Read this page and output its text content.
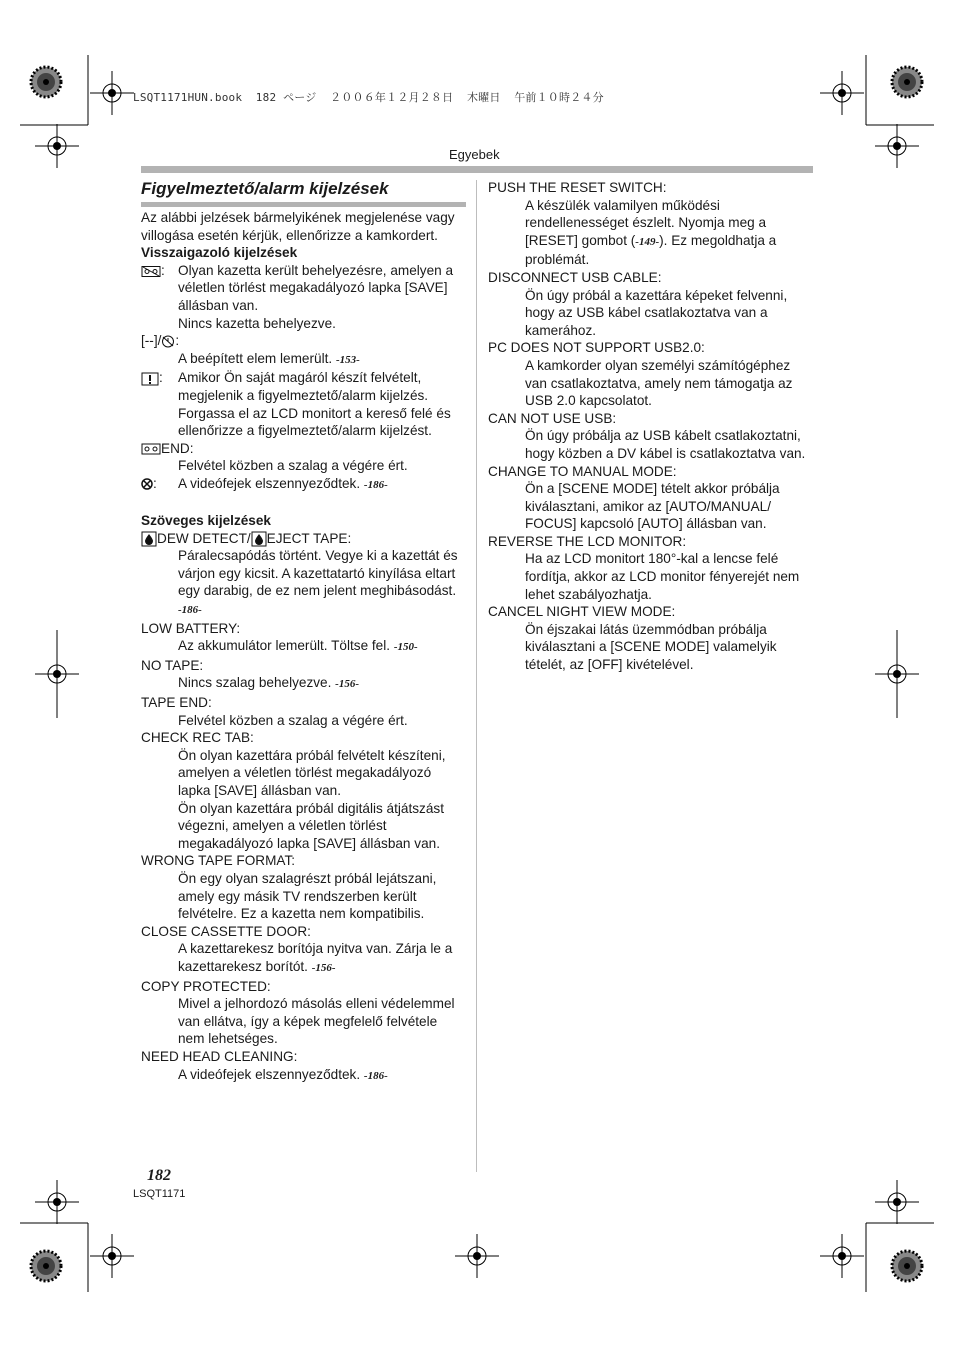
LSQT1171HUN.book  182 ページ  ２００６年１２月２８日  木曜日  午前１０時２４分
Egyebek
Figyelmeztető/alarm kijelzések

Az alábbi jelzések bármelyikének megjelenése vagy villogása esetén kérjük, ellenőrizze a kamkordert.

Visszaigazoló kijelzések

: Olyan kazetta került behelyezésre, amelyen a véletlen törlést megakadályozó lapka [SAVE] állásban van.
Nincs kazetta behelyezve.

[--]/ :

A beépített elem lemerült. -153-

:	Amikor Ön saját magáról készít felvételt, megjelenik a figyelmeztető/alarm kijelzés. Forgassa el az LCD monitort a kereső felé és ellenőrizze a figyelmeztető/alarm kijelzést.

END:

Felvétel közben a szalag a végére ért.

:	A videófejek elszennyeződtek. -186-

Szöveges kijelzések

DEW DETECT/ EJECT TAPE:

Páralecsapódás történt. Vegye ki a kazettát és várjon egy kicsit. A kazettatartó kinyílása eltart egy darabig, de ez nem jelent meghibásodást. -186-

LOW BATTERY:

Az akkumulátor lemerült. Töltse fel. -150-

NO TAPE:

Nincs szalag behelyezve. -156-

TAPE END:

Felvétel közben a szalag a végére ért.

CHECK REC TAB:

Ön olyan kazettára próbál felvételt készíteni, amelyen a véletlen törlést megakadályozó lapka [SAVE] állásban van.

Ön olyan kazettára próbál digitális átjátszást végezni, amelyen a véletlen törlést megakadályozó lapka [SAVE] állásban van.

WRONG TAPE FORMAT:

Ön egy olyan szalagrészt próbál lejátszani, amely egy másik TV rendszerben került felvételre. Ez a kazetta nem kompatibilis.

CLOSE CASSETTE DOOR:

A kazettarekesz borítója nyitva van. Zárja le a kazettarekesz borítót. -156-

COPY PROTECTED:

Mivel a jelhordozó másolás elleni védelemmel van ellátva, így a képek megfelelő felvétele nem lehetséges.

NEED HEAD CLEANING:

A videófejek elszennyeződtek. -186-

PUSH THE RESET SWITCH:

A készülék valamilyen működési rendellenességet észlelt. Nyomja meg a [RESET] gombot (-149-). Ez megoldhatja a problémát.

DISCONNECT USB CABLE:

Ön úgy próbál a kazettára képeket felvenni, hogy az USB kábel csatlakoztatva van a kamerához.

PC DOES NOT SUPPORT USB2.0:

A kamkorder olyan személyi számítógéphez van csatlakoztatva, amely nem támogatja az USB 2.0 kapcsolatot.

CAN NOT USE USB:

Ön úgy próbálja az USB kábelt csatlakoztatni, hogy közben a DV kábel is csatlakoztatva van.

CHANGE TO MANUAL MODE:

Ön a [SCENE MODE] tételt akkor próbálja kiválasztani, amikor az [AUTO/MANUAL/ FOCUS] kapcsoló [AUTO] állásban van.

REVERSE THE LCD MONITOR:

Ha az LCD monitort 180°-kal a lencse felé fordítja, akkor az LCD monitor fényerejét nem lehet szabályozhatja.

CANCEL NIGHT VIEW MODE:

Ön éjszakai látás üzemmódban próbálja kiválasztani a [SCENE MODE] valamelyik tételét, az [OFF] kivételével.

182
LSQT1171
